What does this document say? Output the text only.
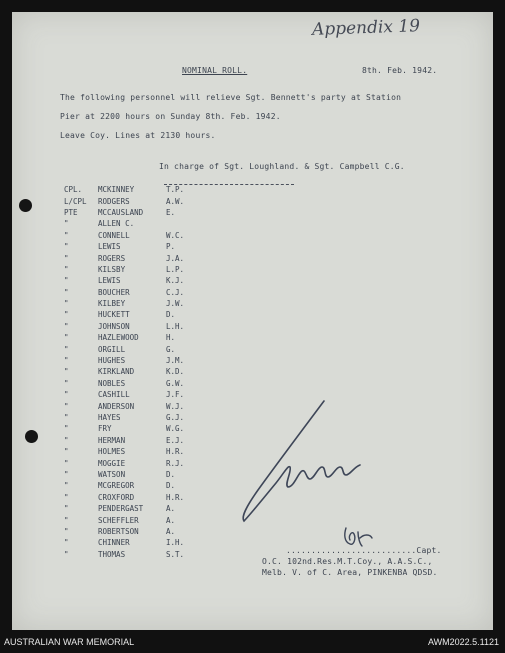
Appendix 19
NOMINAL ROLL.	8th. Feb. 1942.
The following personnel will relieve Sgt. Bennett's party at Station
Pier at 2200 hours on Sunday 8th. Feb. 1942.
Leave Coy. Lines at 2130 hours.
In charge of Sgt. Loughland. & Sgt. Campbell C.G.
CPL.	MCKINNEY	T.P.
L/CPL	RODGERS	A.W.
PTE	MCCAUSLAND	E.
"	ALLEN C.
"	CONNELL	W.C.
"	LEWIS	P.
"	ROGERS	J.A.
"	KILSBY	L.P.
"	LEWIS	K.J.
"	BOUCHER	C.J.
"	KILBEY	J.W.
"	HUCKETT	D.
"	JOHNSON	L.H.
"	HAZLEWOOD	H.
"	ORGILL	G.
"	HUGHES	J.M.
"	KIRKLAND	K.D.
"	NOBLES	G.W.
"	CASHILL	J.F.
"	ANDERSON	W.J.
"	HAYES	G.J.
"	FRY	W.G.
"	HERMAN	E.J.
"	HOLMES	H.R.
"	MOGGIE	R.J.
"	WATSON	D.
"	MCGREGOR	D.
"	CROXFORD	H.R.
"	PENDERGAST	A.
"	SCHEFFLER	A.
"	ROBERTSON	A.
"	CHINNER	I.H.
"	THOMAS	S.T.	..........................Capt.
O.C. 102nd.Res.M.T.Coy., A.A.S.C.,
Melb. V. of C. Area, PINKENBA QDSD.
AUSTRALIAN WAR MEMORIAL	AWM2022.5.1121
